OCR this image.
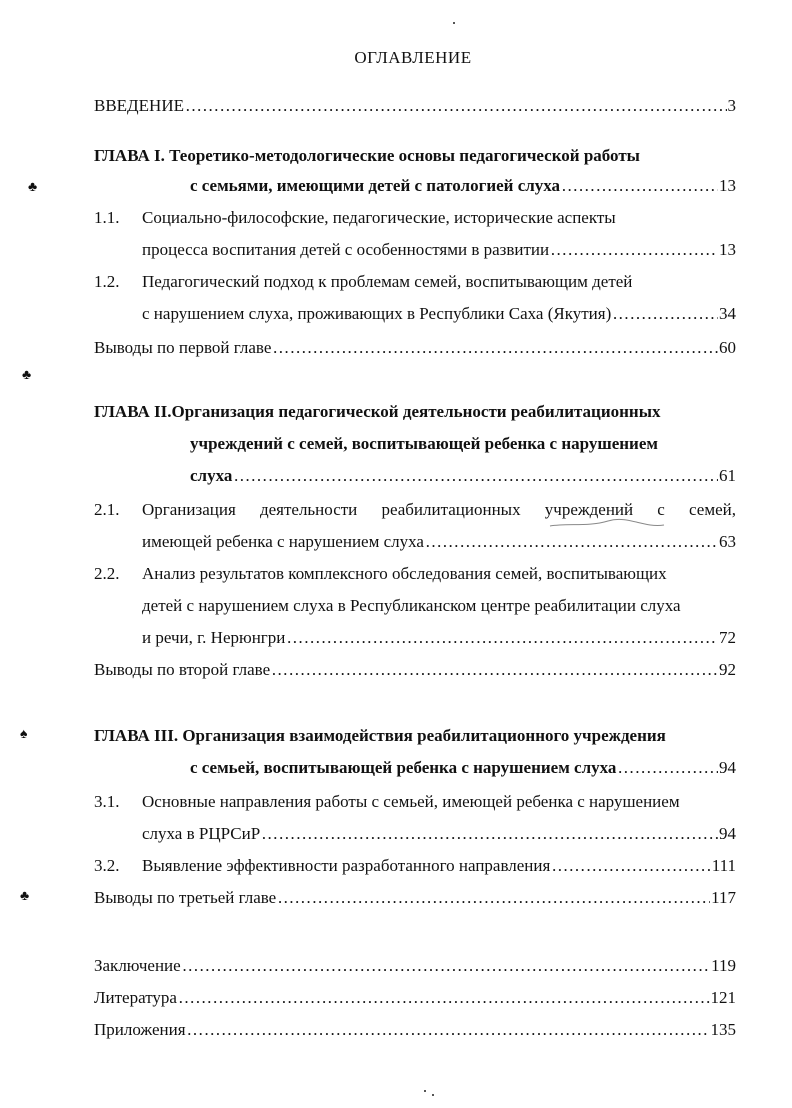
ОГЛАВЛЕНИЕ
ВВЕДЕНИЕ …………………………………………………………………………………………………………………………………………………………………………………………………	3
♣
ГЛАВА I. Теоретико-методологические основы педагогической работы
с семьями, имеющими детей с патологией слуха …………………………………………………………………………………………………………………………………………………………………………………………………	13
1.1.	Социально-философские, педагогические, исторические аспекты
процесса воспитания детей с особенностями в развитии …………………………………………………………………………………………………………………………………………………………………………………………………	13
1.2.	Педагогический подход к проблемам семей, воспитывающим детей
с нарушением слуха, проживающих в Республики Саха (Якутия) …………………………………………………………………………………………………………………………………………………………………………………………………	34
Выводы по первой главе …………………………………………………………………………………………………………………………………………………………………………………………………	60
♣
ГЛАВА II.Организация педагогической деятельности реабилитационных
учреждений с семей, воспитывающей ребенка с нарушением
слуха …………………………………………………………………………………………………………………………………………………………………………………………………	61
2.1.	Организация деятельности реабилитационных учреждений с семей,
имеющей ребенка с нарушением слуха …………………………………………………………………………………………………………………………………………………………………………………………………	63
2.2.	Анализ результатов комплексного обследования семей, воспитывающих
детей с нарушением слуха в Республиканском центре реабилитации слуха
и речи, г. Нерюнгри …………………………………………………………………………………………………………………………………………………………………………………………………	72
Выводы по второй главе …………………………………………………………………………………………………………………………………………………………………………………………………	92
♠	ГЛАВА III. Организация взаимодействия реабилитационного учреждения
с семьей, воспитывающей ребенка с нарушением слуха …………………………………………………………………………………………………………………………………………………………………………………………………	94
3.1.	Основные направления работы с семьей, имеющей ребенка с нарушением
слуха в РЦРСиР …………………………………………………………………………………………………………………………………………………………………………………………………	94
3.2.	Выявление эффективности разработанного направления …………………………………………………………………………………………………………………………………………………………………………………………………	111
♣	Выводы по третьей главе …………………………………………………………………………………………………………………………………………………………………………………………………	117
Заключение …………………………………………………………………………………………………………………………………………………………………………………………………	119
Литература …………………………………………………………………………………………………………………………………………………………………………………………………	121
Приложения …………………………………………………………………………………………………………………………………………………………………………………………………	135
